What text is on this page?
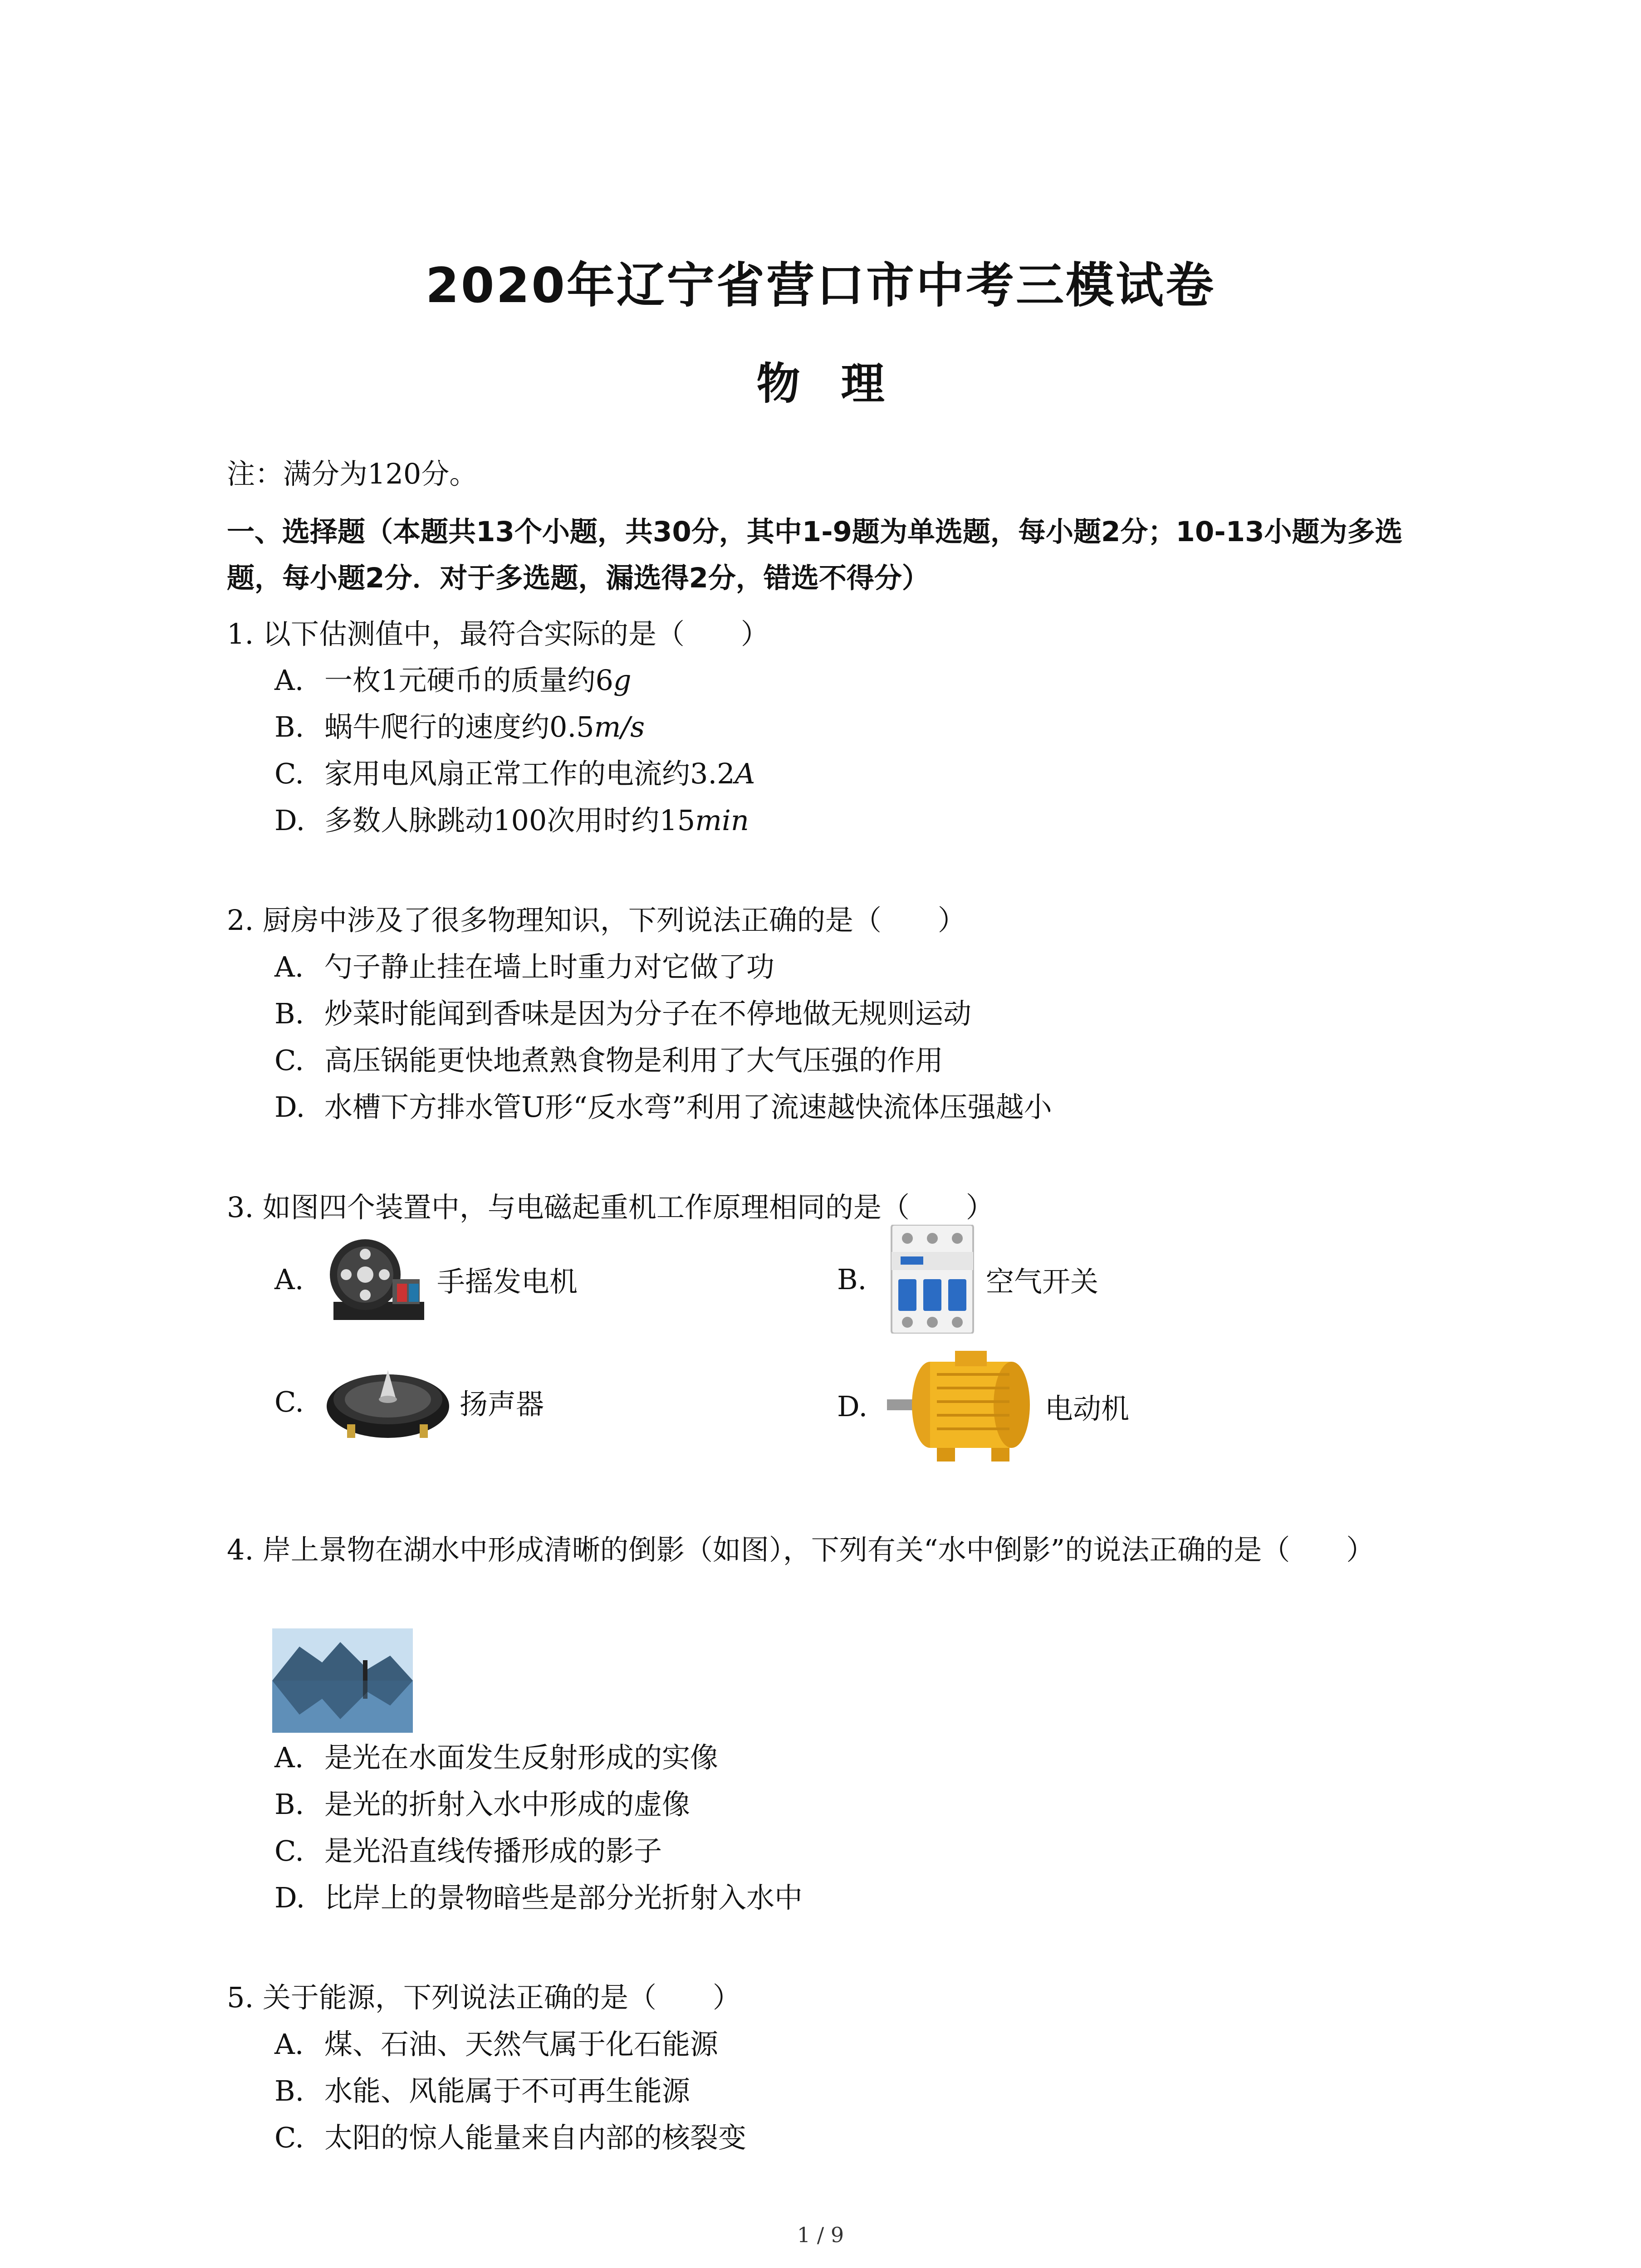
2020年辽宁省营口市中考三模试卷
物理
注：满分为120分。
一、选择题（本题共13个小题，共30分，其中1-9题为单选题，每小题2分；10-13小题为多选题，每小题2分．对于多选题，漏选得2分，错选不得分）
1. 以下估测值中，最符合实际的是（　　）
A. 一枚1元硬币的质量约6g
B. 蜗牛爬行的速度约0.5m/s
C. 家用电风扇正常工作的电流约3.2A
D. 多数人脉跳动100次用时约15min
2. 厨房中涉及了很多物理知识，下列说法正确的是（　　）
A. 勺子静止挂在墙上时重力对它做了功
B. 炒菜时能闻到香味是因为分子在不停地做无规则运动
C. 高压锅能更快地煮熟食物是利用了大气压强的作用
D. 水槽下方排水管U形“反水弯”利用了流速越快流体压强越小
3. 如图四个装置中，与电磁起重机工作原理相同的是（　　）
A.	手摇发电机	B.	空气开关
C.	扬声器	D.	电动机
4. 岸上景物在湖水中形成清晰的倒影（如图），下列有关“水中倒影”的说法正确的是（　　）
A. 是光在水面发生反射形成的实像
B. 是光的折射入水中形成的虚像
C. 是光沿直线传播形成的影子
D. 比岸上的景物暗些是部分光折射入水中
5. 关于能源，下列说法正确的是（　　）
A. 煤、石油、天然气属于化石能源
B. 水能、风能属于不可再生能源
C. 太阳的惊人能量来自内部的核裂变
1 / 9
